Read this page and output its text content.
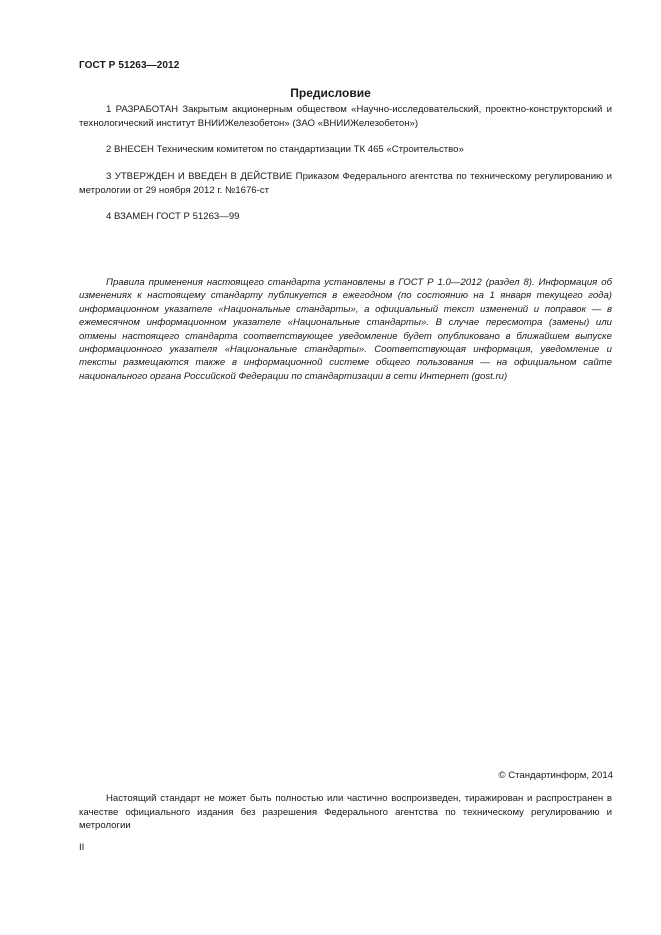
ГОСТ Р 51263—2012
Предисловие

1 РАЗРАБОТАН Закрытым акционерным обществом «Научно-исследовательский, проектно-конструкторский и технологический институт ВНИИЖелезобетон» (ЗАО «ВНИИЖелезобетон»)

2 ВНЕСЕН Техническим комитетом по стандартизации ТК 465 «Строительство»

3 УТВЕРЖДЕН И ВВЕДЕН В ДЕЙСТВИЕ Приказом Федерального агентства по техническому регулированию и метрологии от 29 ноября 2012 г. №1676-ст

4 ВЗАМЕН ГОСТ Р 51263—99

Правила применения настоящего стандарта установлены в ГОСТ Р 1.0—2012 (раздел 8). Информация об изменениях к настоящему стандарту публикуется в ежегодном (по состоянию на 1 января текущего года) информационном указателе «Национальные стандарты», а официальный текст изменений и поправок — в ежемесячном информационном указателе «Национальные стандарты». В случае пересмотра (замены) или отмены настоящего стандарта соответствующее уведомление будет опубликовано в ближайшем выпуске информационного указателя «Национальные стандарты». Соответствующая информация, уведомление и тексты размещаются также в информационной системе общего пользования — на официальном сайте национального органа Российской Федерации по стандартизации в сети Интернет (gost.ru)

© Стандартинформ, 2014

Настоящий стандарт не может быть полностью или частично воспроизведен, тиражирован и распространен в качестве официального издания без разрешения Федерального агентства по техническому регулированию и метрологии

II
